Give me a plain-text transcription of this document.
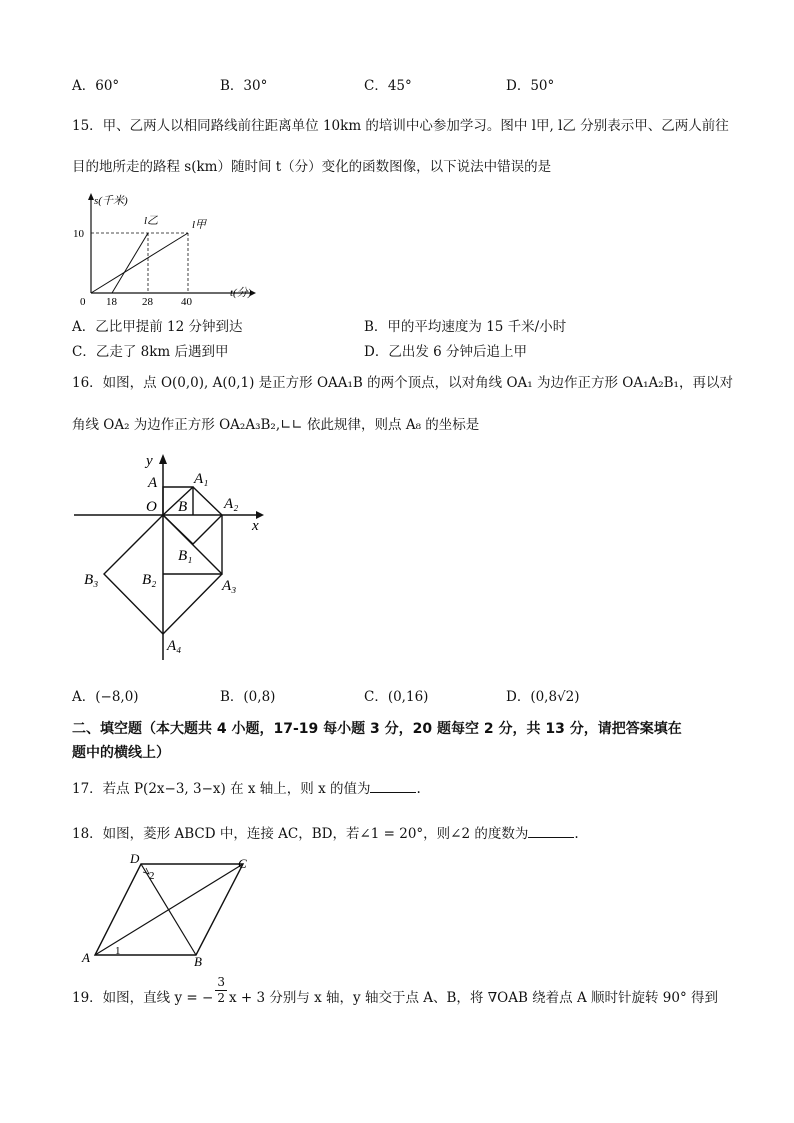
A．60°	B．30°	C．45°	D．50°
15．甲、乙两人以相同路线前往距离单位 10km 的培训中心参加学习。图中 l甲, l乙 分别表示甲、乙两人前往
目的地所走的路程 s(km）随时间 t（分）变化的函数图像，以下说法中错误的是
s(千米)
t(分)
10
0 18 28	40
l乙	l甲
A．乙比甲提前 12 分钟到达	B．甲的平均速度为 15 千米/小时
C．乙走了 8km 后遇到甲	D．乙出发 6 分钟后追上甲
16．如图，点 O(0,0), A(0,1) 是正方形 OAA₁B 的两个顶点，以对角线 OA₁ 为边作正方形 OA₁A₂B₁，再以对
角线 OA₂ 为边作正方形 OA₂A₃B₂,∟∟ 依此规律，则点 A₈ 的坐标是
y
x
O
A A₁
B A₂
B₁
B₂
B₃	A₃
A₄
A．(−8,0)	B．(0,8)	C．(0,16)	D．(0,8√2)
二、填空题（本大题共 4 小题，17-19 每小题 3 分，20 题每空 2 分，共 13 分，请把答案填在
题中的横线上）
17．若点 P(2x−3, 3−x) 在 x 轴上，则 x 的值为	.
18．如图，菱形 ABCD 中，连接 AC，BD，若∠1 = 20°，则∠2 的度数为	.
D	C
A	B
1
2
19．如图，直线 y = − $\frac{3}{2}$ x + 3 分别与 x 轴，y 轴交于点 A、B，将 ∇OAB 绕着点 A 顺时针旋转 90° 得到
